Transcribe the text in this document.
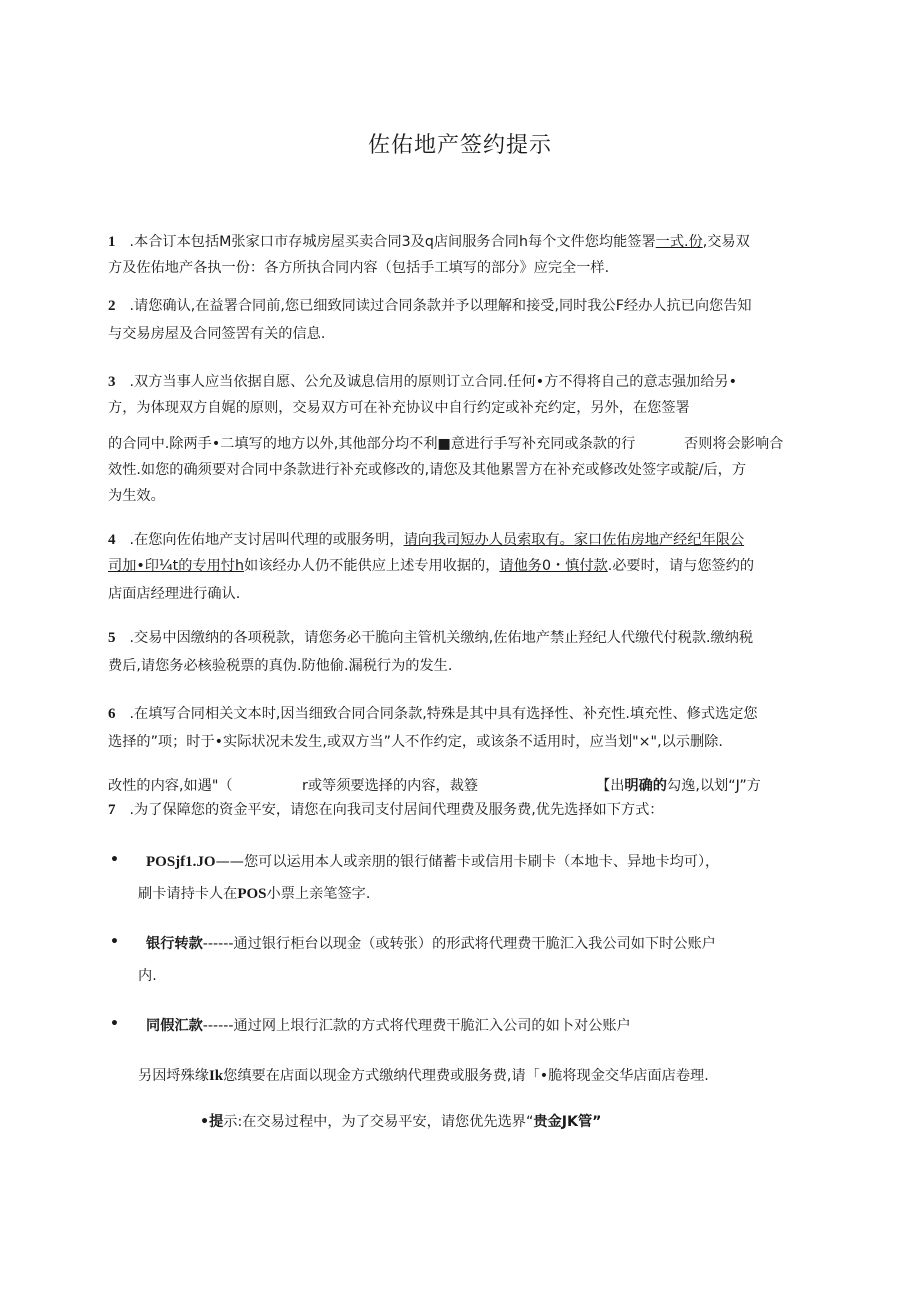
佐佑地产签约提示
1 .本合订本包括M张家口市存城房屋买卖合同3及q店间服务合同h每个文件您均能签署一式.份,交易双
方及佐佑地产各执一份：各方所执合同内容（包括手工填写的部分》应完全一样.
2 .请您确认,在益署合同前,您已细致同读过合同条款并予以理解和接受,同时我公F经办人抗已向您告知
与交易房屋及合同签罟有关的信息.
3 .双方当事人应当依据自愿、公允及诚息信用的原则订立合同.任何•方不得将自己的意志强加给另•
方，为体现双方自娓的原则，交易双方可在补充协议中自行约定或补充约定，另外，在您签署
的合同中.除两手•二填写的地方以外,其他部分均不利■意进行手写补充同或条款的行	否则将会影响合
效性.如您的确须要对合同中条款进行补充或修改的,请您及其他累詈方在补充或修改处签字或靛/后，方
为生效。
4 .在您向佐佑地产支讨居叫代理的或服务明，请向我司短办人员索取有。家口佐佑房地产经纪年限公
司加•印¼t的专用忖h如该经办人仍不能供应上述专用收据的，请他务0・慎付款.必要时，请与您签约的
店面店经理进行确认.
5 .交易中因缴纳的各项税款，请您务必干脆向主管机关缴纳,佐佑地产禁止羟纪人代缴代付税款.缴纳税
费后,请您务必核验税票的真伪.防他偷.漏税行为的发生.
6 .在填写合同相关文本时,因当细致合同合同条款,特殊是其中具有选择性、补充性.填充性、修式选定您
选择的”项；时于•实际状况未发生,或双方当”人不作约定，或该条不适用时，应当划"×",以示删除.
改性的内容,如遇"（	r或等须要选择的内容，裁簦	【出明确的勾逸,以划“J”方
7 .为了保障您的资金平安，请您在向我司支付居间代理费及服务费,优先选择如下方式：
• POSjf1.JO——您可以运用本人或亲朋的银行储蓄卡或信用卡刷卡（本地卡、异地卡均可），
刷卡请持卡人在POS小票上亲笔签字.
• 银行转款------通过银行柜台以现金（或转张）的形武将代理费干脆汇入我公司如下时公账户
内.
• 同假汇款------通过网上垠行汇款的方式将代理费干脆汇入公司的如卜对公账户
另因埒殊缘Ik您缜要在店面以现金方式缴纳代理费或服务费,请「•脆将现金交华店面店卷理.
•提示:在交易过程中，为了交易平安，请您优先选界“贵金JK管”
